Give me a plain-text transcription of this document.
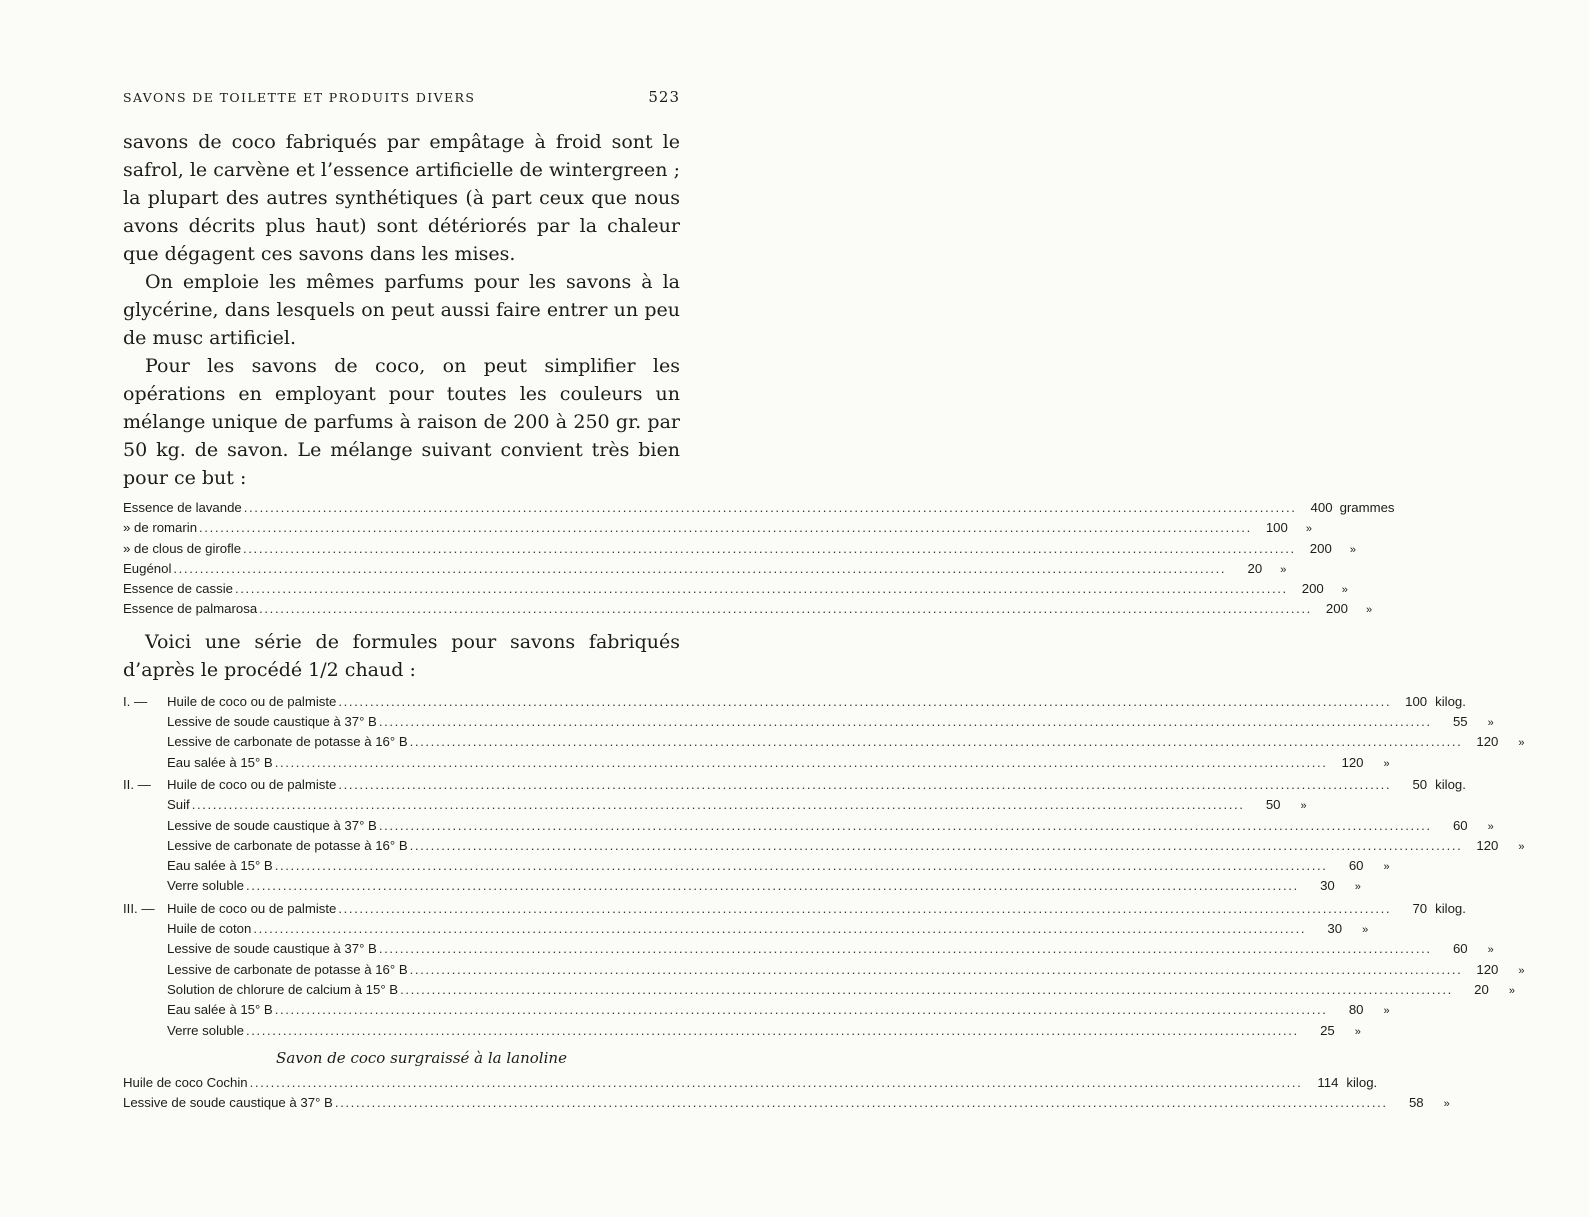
SAVONS DE TOILETTE ET PRODUITS DIVERS	523

savons de coco fabriqués par empâtage à froid sont le safrol, le carvène et l’essence artificielle de wintergreen ; la plupart des autres synthétiques (à part ceux que nous avons décrits plus haut) sont détériorés par la chaleur que dégagent ces savons dans les mises.

On emploie les mêmes parfums pour les savons à la glycérine, dans lesquels on peut aussi faire entrer un peu de musc artificiel.

Pour les savons de coco, on peut simplifier les opérations en employant pour toutes les couleurs un mélange unique de parfums à raison de 200 à 250 gr. par 50 kg. de savon. Le mélange suivant convient très bien pour ce but :

Essence de lavande ........................................................................................................................................................................................................	400 grammes
» de romarin ........................................................................................................................................................................................................	100	»
» de clous de girofle ........................................................................................................................................................................................................	200	»
Eugénol ........................................................................................................................................................................................................	20	»
Essence de cassie ........................................................................................................................................................................................................	200	»
Essence de palmarosa ........................................................................................................................................................................................................	200	»

Voici une série de formules pour savons fabriqués d’après le procédé 1/2 chaud :

I. —	Huile de coco ou de palmiste ........................................................................................................................................................................................................	100 kilog.
Lessive de soude caustique à 37° B ........................................................................................................................................................................................................	55	»
Lessive de carbonate de potasse à 16° B ........................................................................................................................................................................................................	120	»
Eau salée à 15° B ........................................................................................................................................................................................................	120	»
II. —	Huile de coco ou de palmiste ........................................................................................................................................................................................................	50 kilog.
Suif ........................................................................................................................................................................................................	50	»
Lessive de soude caustique à 37° B ........................................................................................................................................................................................................	60	»
Lessive de carbonate de potasse à 16° B ........................................................................................................................................................................................................	120	»
Eau salée à 15° B ........................................................................................................................................................................................................	60	»
Verre soluble ........................................................................................................................................................................................................	30	»
III. — Huile de coco ou de palmiste ........................................................................................................................................................................................................	70 kilog.
Huile de coton ........................................................................................................................................................................................................	30	»
Lessive de soude caustique à 37° B ........................................................................................................................................................................................................	60	»
Lessive de carbonate de potasse à 16° B ........................................................................................................................................................................................................	120	»
Solution de chlorure de calcium à 15° B ........................................................................................................................................................................................................	20	»
Eau salée à 15° B ........................................................................................................................................................................................................	80	»
Verre soluble ........................................................................................................................................................................................................	25	»
Savon de coco surgraissé à la lanoline
Huile de coco Cochin ........................................................................................................................................................................................................	114 kilog.
Lessive de soude caustique à 37° B ........................................................................................................................................................................................................	58	»
